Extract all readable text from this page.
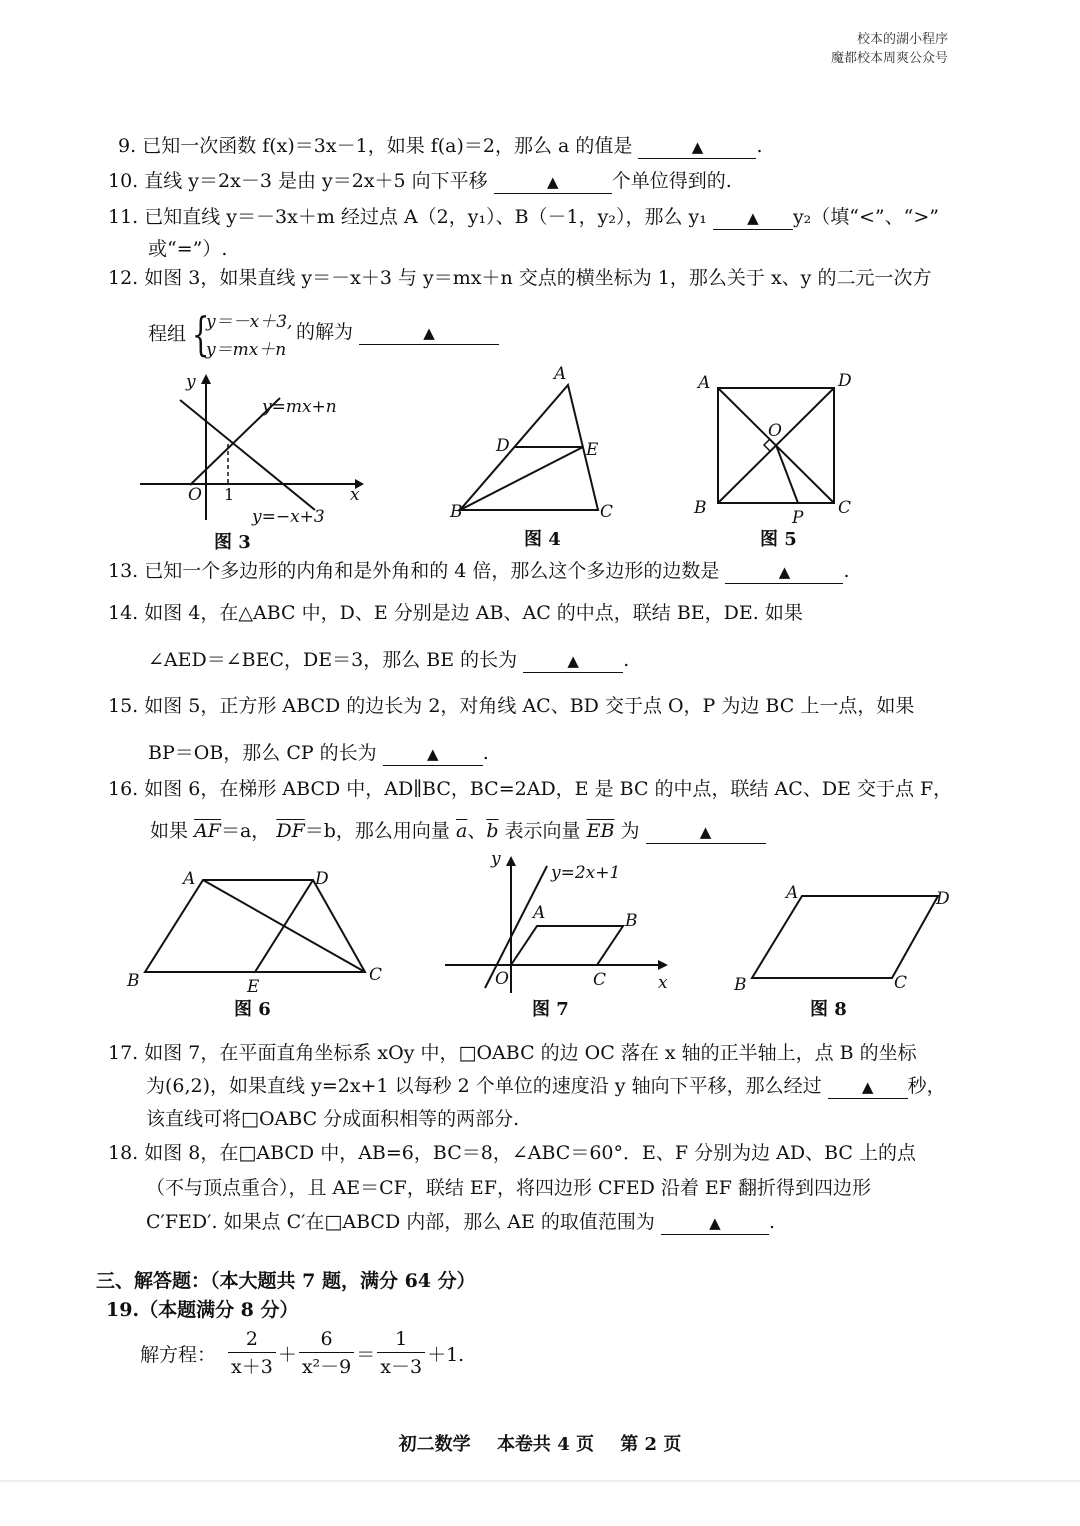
校本的湖小程序
魔都校本周爽公众号
9. 已知一次函数 f(x)＝3x－1，如果 f(a)＝2，那么 a 的值是	▲	.
10. 直线 y＝2x－3 是由 y＝2x＋5 向下平移	▲	个单位得到的.
11. 已知直线 y＝－3x＋m 经过点 A（2，y₁）、B（－1，y₂），那么 y₁	▲ y₂（填“<”、“>”
或“=”）.
12. 如图 3，如果直线 y＝－x＋3 与 y＝mx＋n 交点的横坐标为 1，那么关于 x、y 的二元一次方
程组 {
y＝－x＋3,
y＝mx＋n
的解为	▲
y
x
O 1
y=mx+n
y=−x+3
图 3
A
B	C
D	E
图 4
A	D
B	C
O
P
图 5
13. 已知一个多边形的内角和是外角和的 4 倍，那么这个多边形的边数是	▲	.
14. 如图 4，在△ABC 中，D、E 分别是边 AB、AC 的中点，联结 BE，DE. 如果
∠AED＝∠BEC，DE＝3，那么 BE 的长为	▲ .
15. 如图 5，正方形 ABCD 的边长为 2，对角线 AC、BD 交于点 O，P 为边 BC 上一点，如果
BP＝OB，那么 CP 的长为	▲ .
16. 如图 6，在梯形 ABCD 中，AD∥BC，BC=2AD，E 是 BC 的中点，联结 AC、DE 交于点 F，
如果 $\overline{AF}=a$， $\overline{DF}=b$，那么用向量 $\overline{a}$、$\overline{b}$ 表示向量 $\overline{EB}$ 为	▲
A	D
B	C
E
图 6
y
x
O
A	B
C
y=2x+1
图 7
A	D
B	C
图 8
17. 如图 7，在平面直角坐标系 xOy 中，□OABC 的边 OC 落在 x 轴的正半轴上，点 B 的坐标
为(6,2)，如果直线 y=2x+1 以每秒 2 个单位的速度沿 y 轴向下平移，那么经过	▲ 秒，
该直线可将□OABC 分成面积相等的两部分.
18. 如图 8，在□ABCD 中，AB=6，BC＝8，∠ABC＝60°．E、F 分别为边 AD、BC 上的点
（不与顶点重合），且 AE＝CF，联结 EF，将四边形 CFED 沿着 EF 翻折得到四边形
C′FED′. 如果点 C′在□ABCD 内部，那么 AE 的取值范围为	▲	.
三、解答题：（本大题共 7 题，满分 64 分）
19.（本题满分 8 分）
解方程： $\frac{2}{x+3} + \frac{6}{\text{x²－9}} = \frac{1}{x-3} +1$.
初二数学 本卷共 4 页 第 2 页
